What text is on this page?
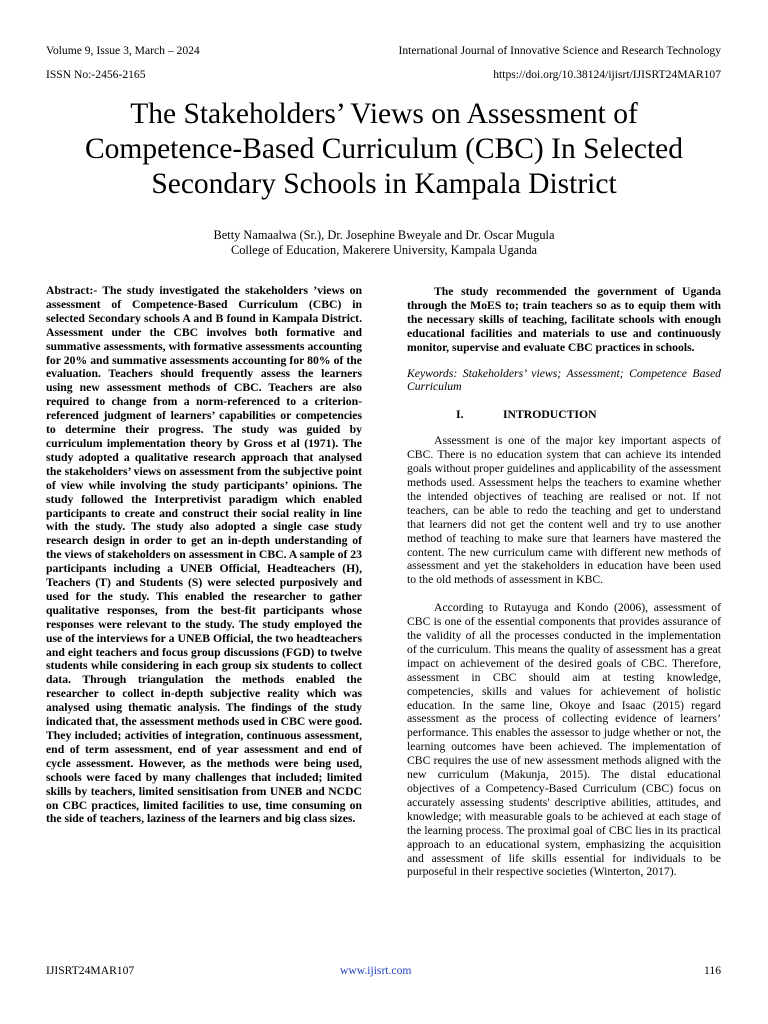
Volume 9, Issue 3, March – 2024	International Journal of Innovative Science and Research Technology
ISSN No:-2456-2165	https://doi.org/10.38124/ijisrt/IJISRT24MAR107
The Stakeholders’ Views on Assessment of
Competence-Based Curriculum (CBC) In Selected
Secondary Schools in Kampala District
Betty Namaalwa (Sr.), Dr. Josephine Bweyale and Dr. Oscar Mugula
College of Education, Makerere University, Kampala Uganda

Abstract:- The study investigated the stakeholders ’views on assessment of Competence-Based Curriculum (CBC) in selected Secondary schools A and B found in Kampala District. Assessment under the CBC involves both formative and summative assessments, with formative assessments accounting for 20% and summative assessments accounting for 80% of the evaluation. Teachers should frequently assess the learners using new assessment methods of CBC. Teachers are also required to change from a norm-referenced to a criterion-referenced judgment of learners’ capabilities or competencies to determine their progress. The study was guided by curriculum implementation theory by Gross et al (1971). The study adopted a qualitative research approach that analysed the stakeholders’ views on assessment from the subjective point of view while involving the study participants’ opinions. The study followed the Interpretivist paradigm which enabled participants to create and construct their social reality in line with the study. The study also adopted a single case study research design in order to get an in-depth understanding of the views of stakeholders on assessment in CBC. A sample of 23 participants including a UNEB Official, Headteachers (H), Teachers (T) and Students (S) were selected purposively and used for the study. This enabled the researcher to gather qualitative responses, from the best-fit participants whose responses were relevant to the study. The study employed the use of the interviews for a UNEB Official, the two headteachers and eight teachers and focus group discussions (FGD) to twelve students while considering in each group six students to collect data. Through triangulation the methods enabled the researcher to collect in-depth subjective reality which was analysed using thematic analysis. The findings of the study indicated that, the assessment methods used in CBC were good. They included; activities of integration, continuous assessment, end of term assessment, end of year assessment and end of cycle assessment. However, as the methods were being used, schools were faced by many challenges that included; limited skills by teachers, limited sensitisation from UNEB and NCDC on CBC practices, limited facilities to use, time consuming on the side of teachers, laziness of the learners and big class sizes.

The study recommended the government of Uganda through the MoES to; train teachers so as to equip them with the necessary skills of teaching, facilitate schools with enough educational facilities and materials to use and continuously monitor, supervise and evaluate CBC practices in schools.

Keywords: Stakeholders’ views; Assessment; Competence Based Curriculum

I.	INTRODUCTION

Assessment is one of the major key important aspects of CBC. There is no education system that can achieve its intended goals without proper guidelines and applicability of the assessment methods used. Assessment helps the teachers to examine whether the intended objectives of teaching are realised or not. If not teachers, can be able to redo the teaching and get to understand that learners did not get the content well and try to use another method of teaching to make sure that learners have mastered the content. The new curriculum came with different new methods of assessment and yet the stakeholders in education have been used to the old methods of assessment in KBC.

According to Rutayuga and Kondo (2006), assessment of CBC is one of the essential components that provides assurance of the validity of all the processes conducted in the implementation of the curriculum. This means the quality of assessment has a great impact on achievement of the desired goals of CBC. Therefore, assessment in CBC should aim at testing knowledge, competencies, skills and values for achievement of holistic education. In the same line, Okoye and Isaac (2015) regard assessment as the process of collecting evidence of learners’ performance. This enables the assessor to judge whether or not, the learning outcomes have been achieved. The implementation of CBC requires the use of new assessment methods aligned with the new curriculum (Makunja, 2015). The distal educational objectives of a Competency-Based Curriculum (CBC) focus on accurately assessing students' descriptive abilities, attitudes, and knowledge; with measurable goals to be achieved at each stage of the learning process. The proximal goal of CBC lies in its practical approach to an educational system, emphasizing the acquisition and assessment of life skills essential for individuals to be purposeful in their respective societies (Winterton, 2017).

IJISRT24MAR107	www.ijisrt.com	116
